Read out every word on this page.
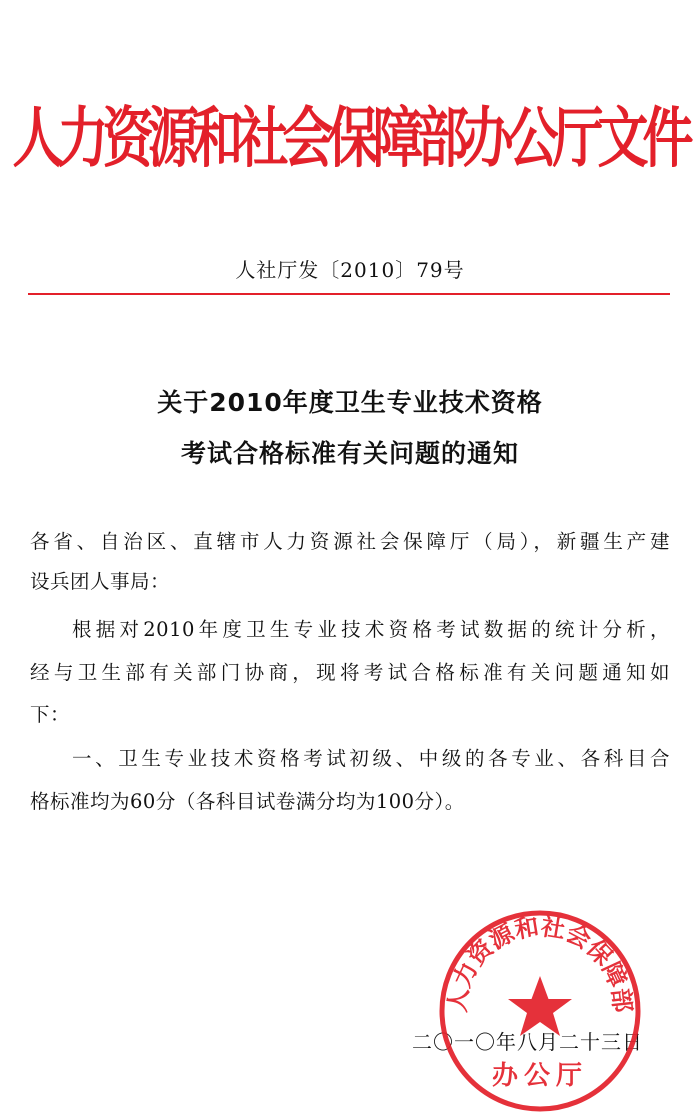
人力资源和社会保障部办公厅文件
人社厅发〔2010〕79号
关于2010年度卫生专业技术资格
考试合格标准有关问题的通知
各省、自治区、直辖市人力资源社会保障厅（局），新疆生产建
设兵团人事局：
根据对2010年度卫生专业技术资格考试数据的统计分析，
经与卫生部有关部门协商，现将考试合格标准有关问题通知如
下：
一、卫生专业技术资格考试初级、中级的各专业、各科目合
格标准均为60分（各科目试卷满分均为100分）。
二〇一〇年八月二十三日
人力资源和社会保障部
办公厅
